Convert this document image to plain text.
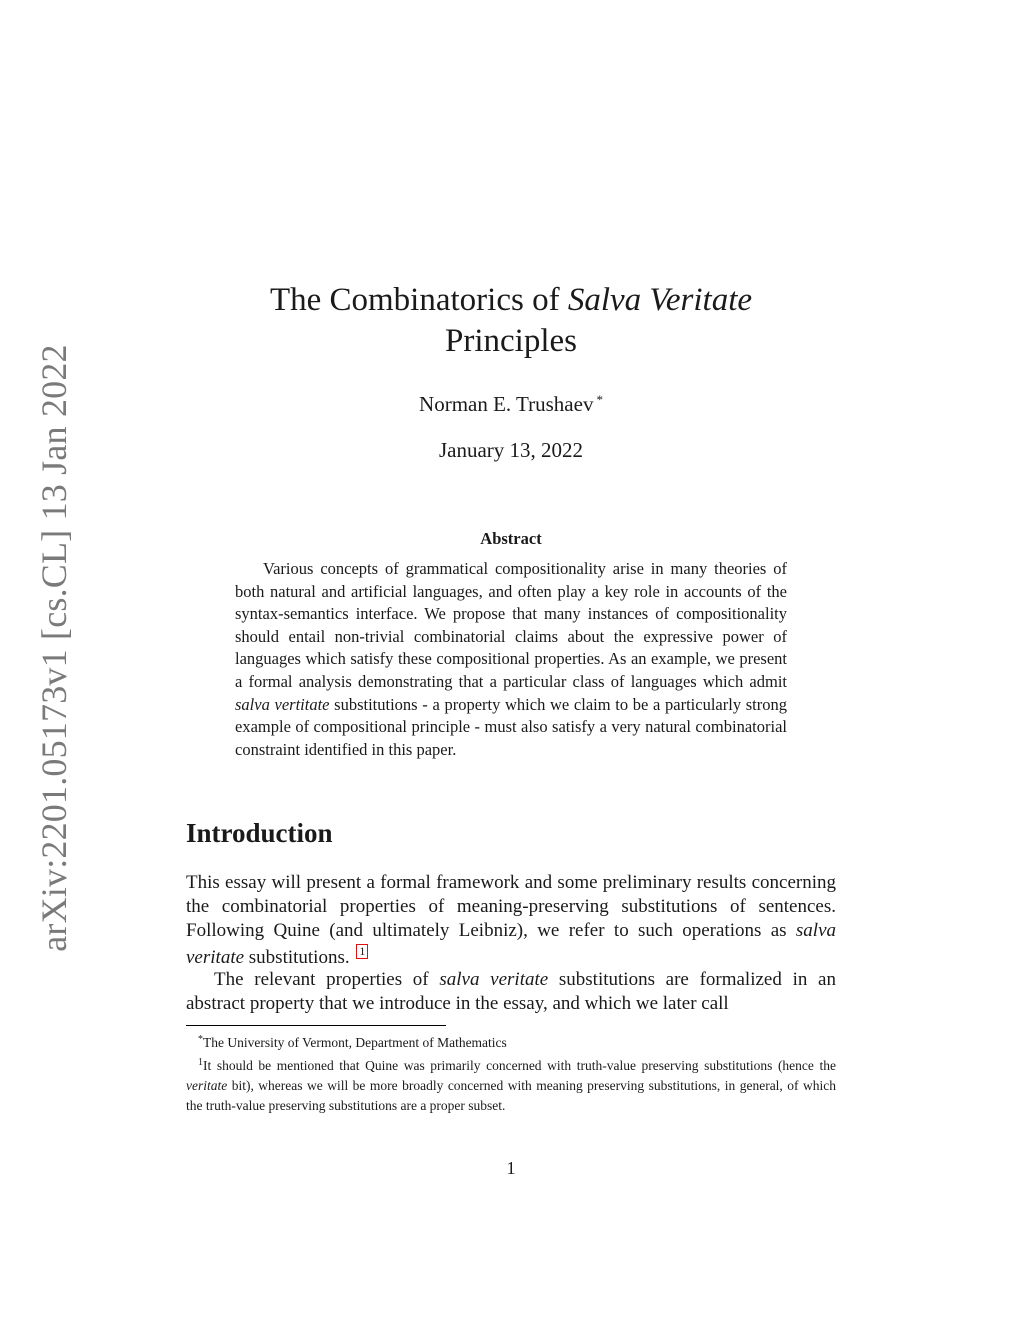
arXiv:2201.05173v1 [cs.CL] 13 Jan 2022
The Combinatorics of Salva Veritate
Principles
Norman E. Trushaev *
January 13, 2022
Abstract
Various concepts of grammatical compositionality arise in many theories of both natural and artificial languages, and often play a key role in accounts of the syntax-semantics interface. We propose that many instances of compositionality should entail non-trivial combinatorial claims about the expressive power of languages which satisfy these compositional properties. As an example, we present a formal analysis demonstrating that a particular class of languages which admit salva vertitate substitutions - a property which we claim to be a particularly strong example of compositional principle - must also satisfy a very natural combinatorial constraint identified in this paper.
Introduction
This essay will present a formal framework and some preliminary results concerning the combinatorial properties of meaning-preserving substitutions of sentences. Following Quine (and ultimately Leibniz), we refer to such operations as salva veritate substitutions. 1
The relevant properties of salva veritate substitutions are formalized in an abstract property that we introduce in the essay, and which we later call

*The University of Vermont, Department of Mathematics

$^1$It should be mentioned that Quine was primarily concerned with truth-value preserving substitutions (hence the veritate bit), whereas we will be more broadly concerned with meaning preserving substitutions, in general, of which the truth-value preserving substitutions are a proper subset.

1
